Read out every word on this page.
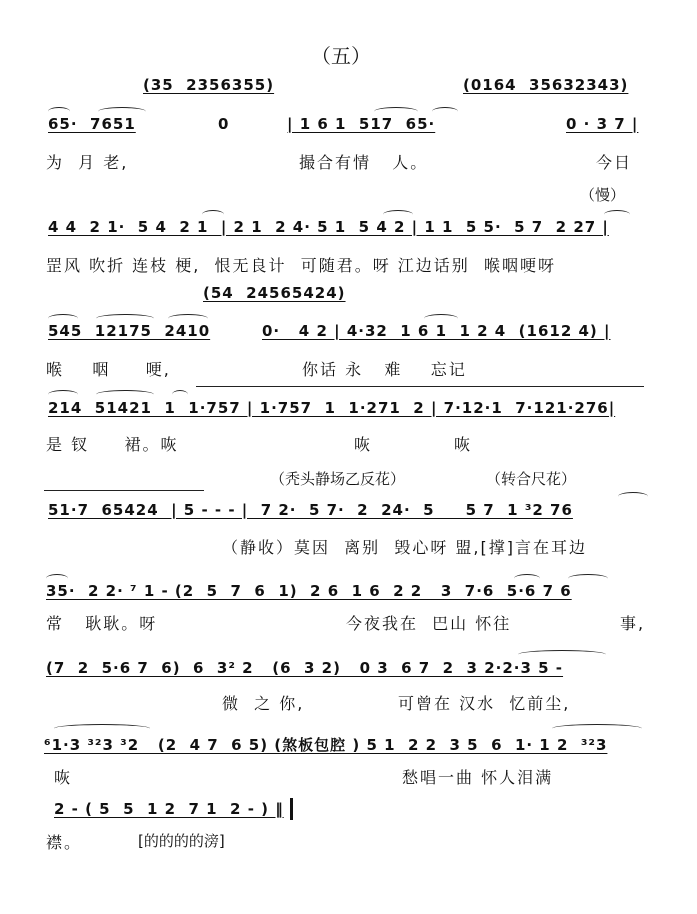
（五）
(35  2356355)	(0164  35632343)
65·  7651	0	| 1 6 1  517  65·	0 · 3 7 |
为  月 老,	撮合有情   人。	今日
（慢）
4 4  2 1·  5 4  2 1  | 2 1  2 4· 5 1  5 4 2 | 1 1  5 5·  5 7  2 27 |
罡风 吹折 连枝 梗,  恨无良计  可随君。呀 江边话别  喉咽哽呀
(54  24565424)
545  12175  2410	0·   4 2 | 4·32  1 6 1  1 2 4  (1612 4) |
喉    咽     哽,	你话 永   难    忘记
214  51421  1  1·757 | 1·757  1  1·271  2 | 7·12·1  7·121·276|
是 钗     裙。咴	咴	咴
（秃头静场乙反花）	（转合尺花）
51·7  65424  | 5 - - - |  7 2·  5 7·  2  24·  5     5 7  1 ³2 76
（静收）莫因  离别  毁心呀 盟,[撑]言在耳边
35·  2 2· ⁷ 1 - (2  5  7  6  1)  2 6  1 6  2 2   3  7·6  5·6 7 6
常   耿耿。呀	今夜我在  巴山 怀往	事,
(7  2  5·6 7  6)  6  3² 2   (6  3 2)   0 3  6 7  2  3 2·2·3 5 -
微  之 你,	可曾在 汉水  忆前尘,
⁶1·3 ³²3 ³2   (2  4 7  6 5) (煞板包腔 ) 5 1  2 2  3 5  6  1· 1 2  ³²3
咴	愁唱一曲 怀人泪满
2 - ( 5  5  1 2  7 1  2 - ) ‖
襟。	[的的的的滂]
